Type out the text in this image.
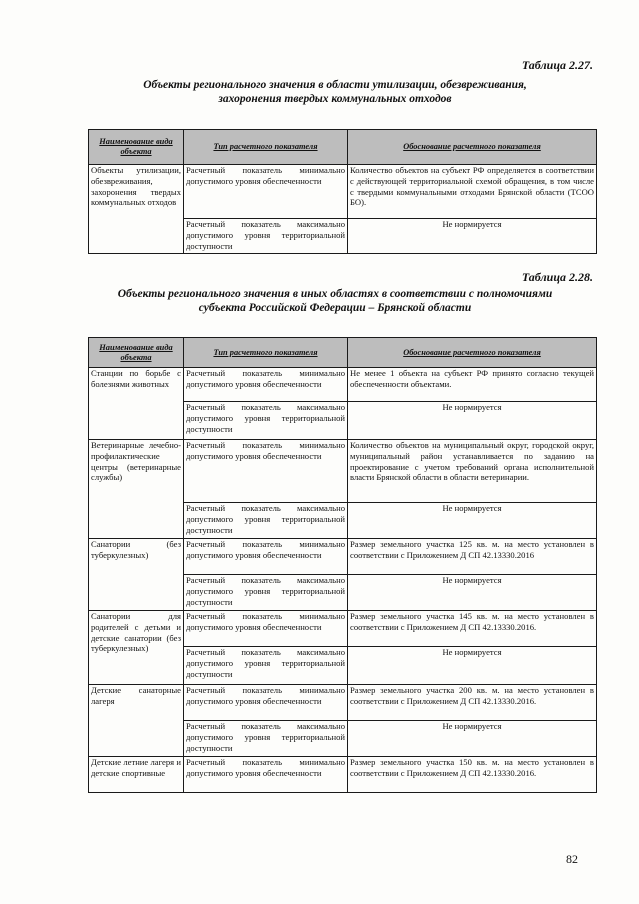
Таблица 2.27.
Объекты регионального значения в области утилизации, обезвреживания,
захоронения твердых коммунальных отходов
Наименование вида объекта	Тип расчетного показателя	Обоснование расчетного показателя
Объекты утилизации, обезвреживания, захоронения твердых коммунальных отходов	Расчетный показатель минимально допустимого уровня обеспеченности	Количество объектов на субъект РФ определяется в соответствии с действующей территориальной схемой обращения, в том числе с твердыми коммунальными отходами Брянской области (ТСОО БО).
	Расчетный показатель максимально допустимого уровня территориальной доступности	Не нормируется
Таблица 2.28.
Объекты регионального значения в иных областях в соответствии с полномочиями
субъекта Российской Федерации – Брянской области
Наименование вида объекта	Тип расчетного показателя	Обоснование расчетного показателя
Станции по борьбе с болезнями животных	Расчетный показатель минимально допустимого уровня обеспеченности	Не менее 1 объекта на субъект РФ принято согласно текущей обеспеченности объектами.
	Расчетный показатель максимально допустимого уровня территориальной доступности	Не нормируется
Ветеринарные лечебно-профилактические центры (ветеринарные службы)	Расчетный показатель минимально допустимого уровня обеспеченности	Количество объектов на муниципальный округ, городской округ, муниципальный район устанавливается по заданию на проектирование с учетом требований органа исполнительной власти Брянской области в области ветеринарии.
	Расчетный показатель максимально допустимого уровня территориальной доступности	Не нормируется
Санатории (без туберкулезных)	Расчетный показатель минимально допустимого уровня обеспеченности	Размер земельного участка 125 кв. м. на место установлен в соответствии с Приложением Д СП 42.13330.2016
	Расчетный показатель максимально допустимого уровня территориальной доступности	Не нормируется
Санатории для родителей с детьми и детские санатории (без туберкулезных)	Расчетный показатель минимально допустимого уровня обеспеченности	Размер земельного участка 145 кв. м. на место установлен в соответствии с Приложением Д СП 42.13330.2016.
	Расчетный показатель максимально допустимого уровня территориальной доступности	Не нормируется
Детские санаторные лагеря	Расчетный показатель минимально допустимого уровня обеспеченности	Размер земельного участка 200 кв. м. на место установлен в соответствии с Приложением Д СП 42.13330.2016.
	Расчетный показатель максимально допустимого уровня территориальной доступности	Не нормируется
Детские летние лагеря и детские спортивные	Расчетный показатель минимально допустимого уровня обеспеченности	Размер земельного участка 150 кв. м. на место установлен в соответствии с Приложением Д СП 42.13330.2016.
82
